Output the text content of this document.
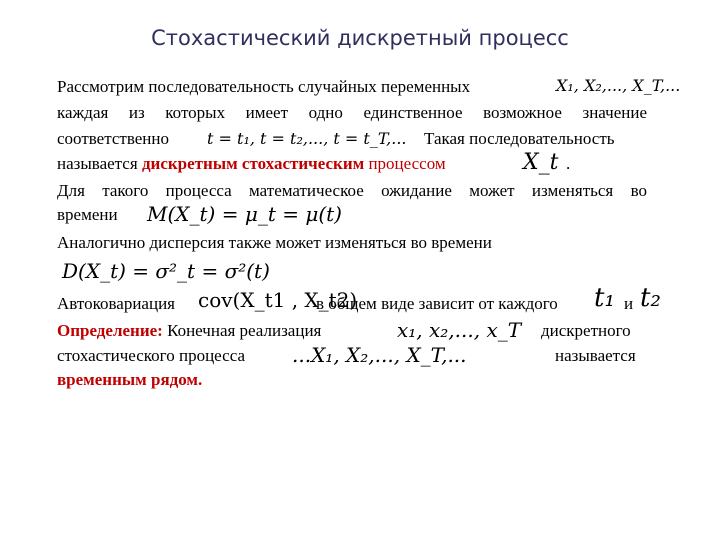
Стохастический дискретный процесс
Рассмотрим последовательность случайных переменных	X₁, X₂,..., X_T,...
каждая из которых имеет одно единственное возможное значение
соответственно t = t₁, t = t₂,..., t = t_T,... Такая последовательность
называется дискретным стохастическим процессом	X_t .
Для такого процесса математическое ожидание может изменяться во
времени M(X_t) = μ_t = μ(t)
Аналогично дисперсия также может изменяться во времени
D(X_t) = σ²_t = σ²(t)
Автоковариация cov(X_t1 , X_t2)
в общем виде зависит от каждого t₁ и t₂
Определение: Конечная реализация	x₁, x₂,..., x_T дискретного
стохастического процесса ...X₁, X₂,..., X_T,...	называется
временным рядом.
